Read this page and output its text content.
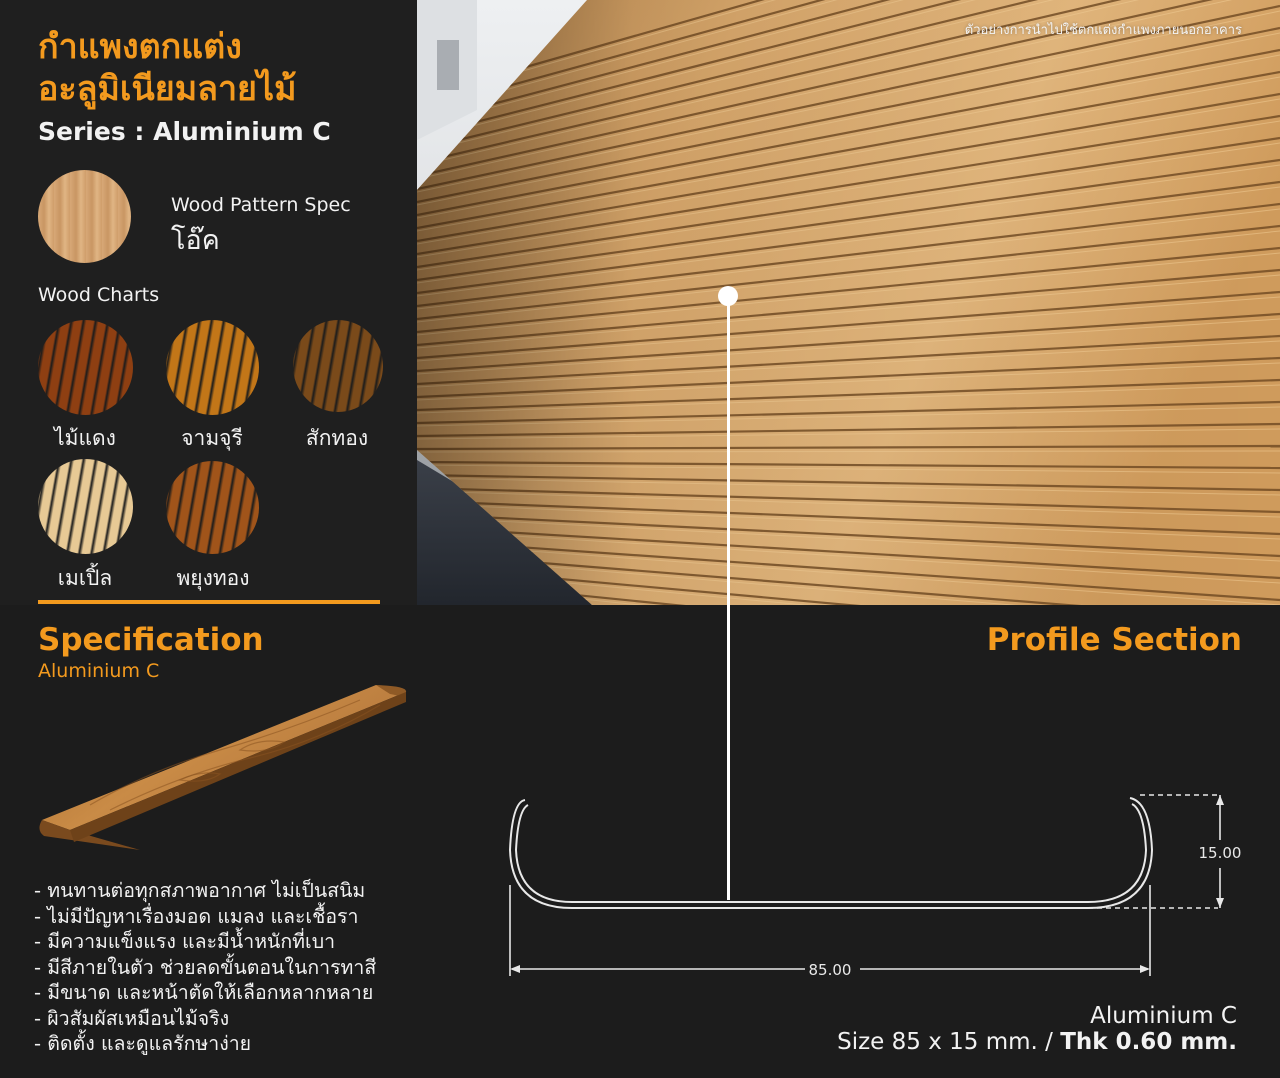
กำแพงตกแต่ง
อะลูมิเนียมลายไม้
Series : Aluminium C
Wood Pattern Spec
โอ๊ค
Wood Charts
ไม้แดง	จามจุรี	สักทอง
เมเปิ้ล	พยุงทอง
ตัวอย่างการนำไปใช้ตกแต่งกำแพงภายนอกอาคาร
Specification
Aluminium C
- ทนทานต่อทุกสภาพอากาศ ไม่เป็นสนิม
- ไม่มีปัญหาเรื่องมอด แมลง และเชื้อรา
- มีความแข็งแรง และมีน้ำหนักที่เบา
- มีสีภายในตัว ช่วยลดขั้นตอนในการทาสี
- มีขนาด และหน้าตัดให้เลือกหลากหลาย
- ผิวสัมผัสเหมือนไม้จริง
- ติดตั้ง และดูแลรักษาง่าย
Profile Section
85.00
15.00
Aluminium C
Size 85 x 15 mm. / Thk 0.60 mm.
